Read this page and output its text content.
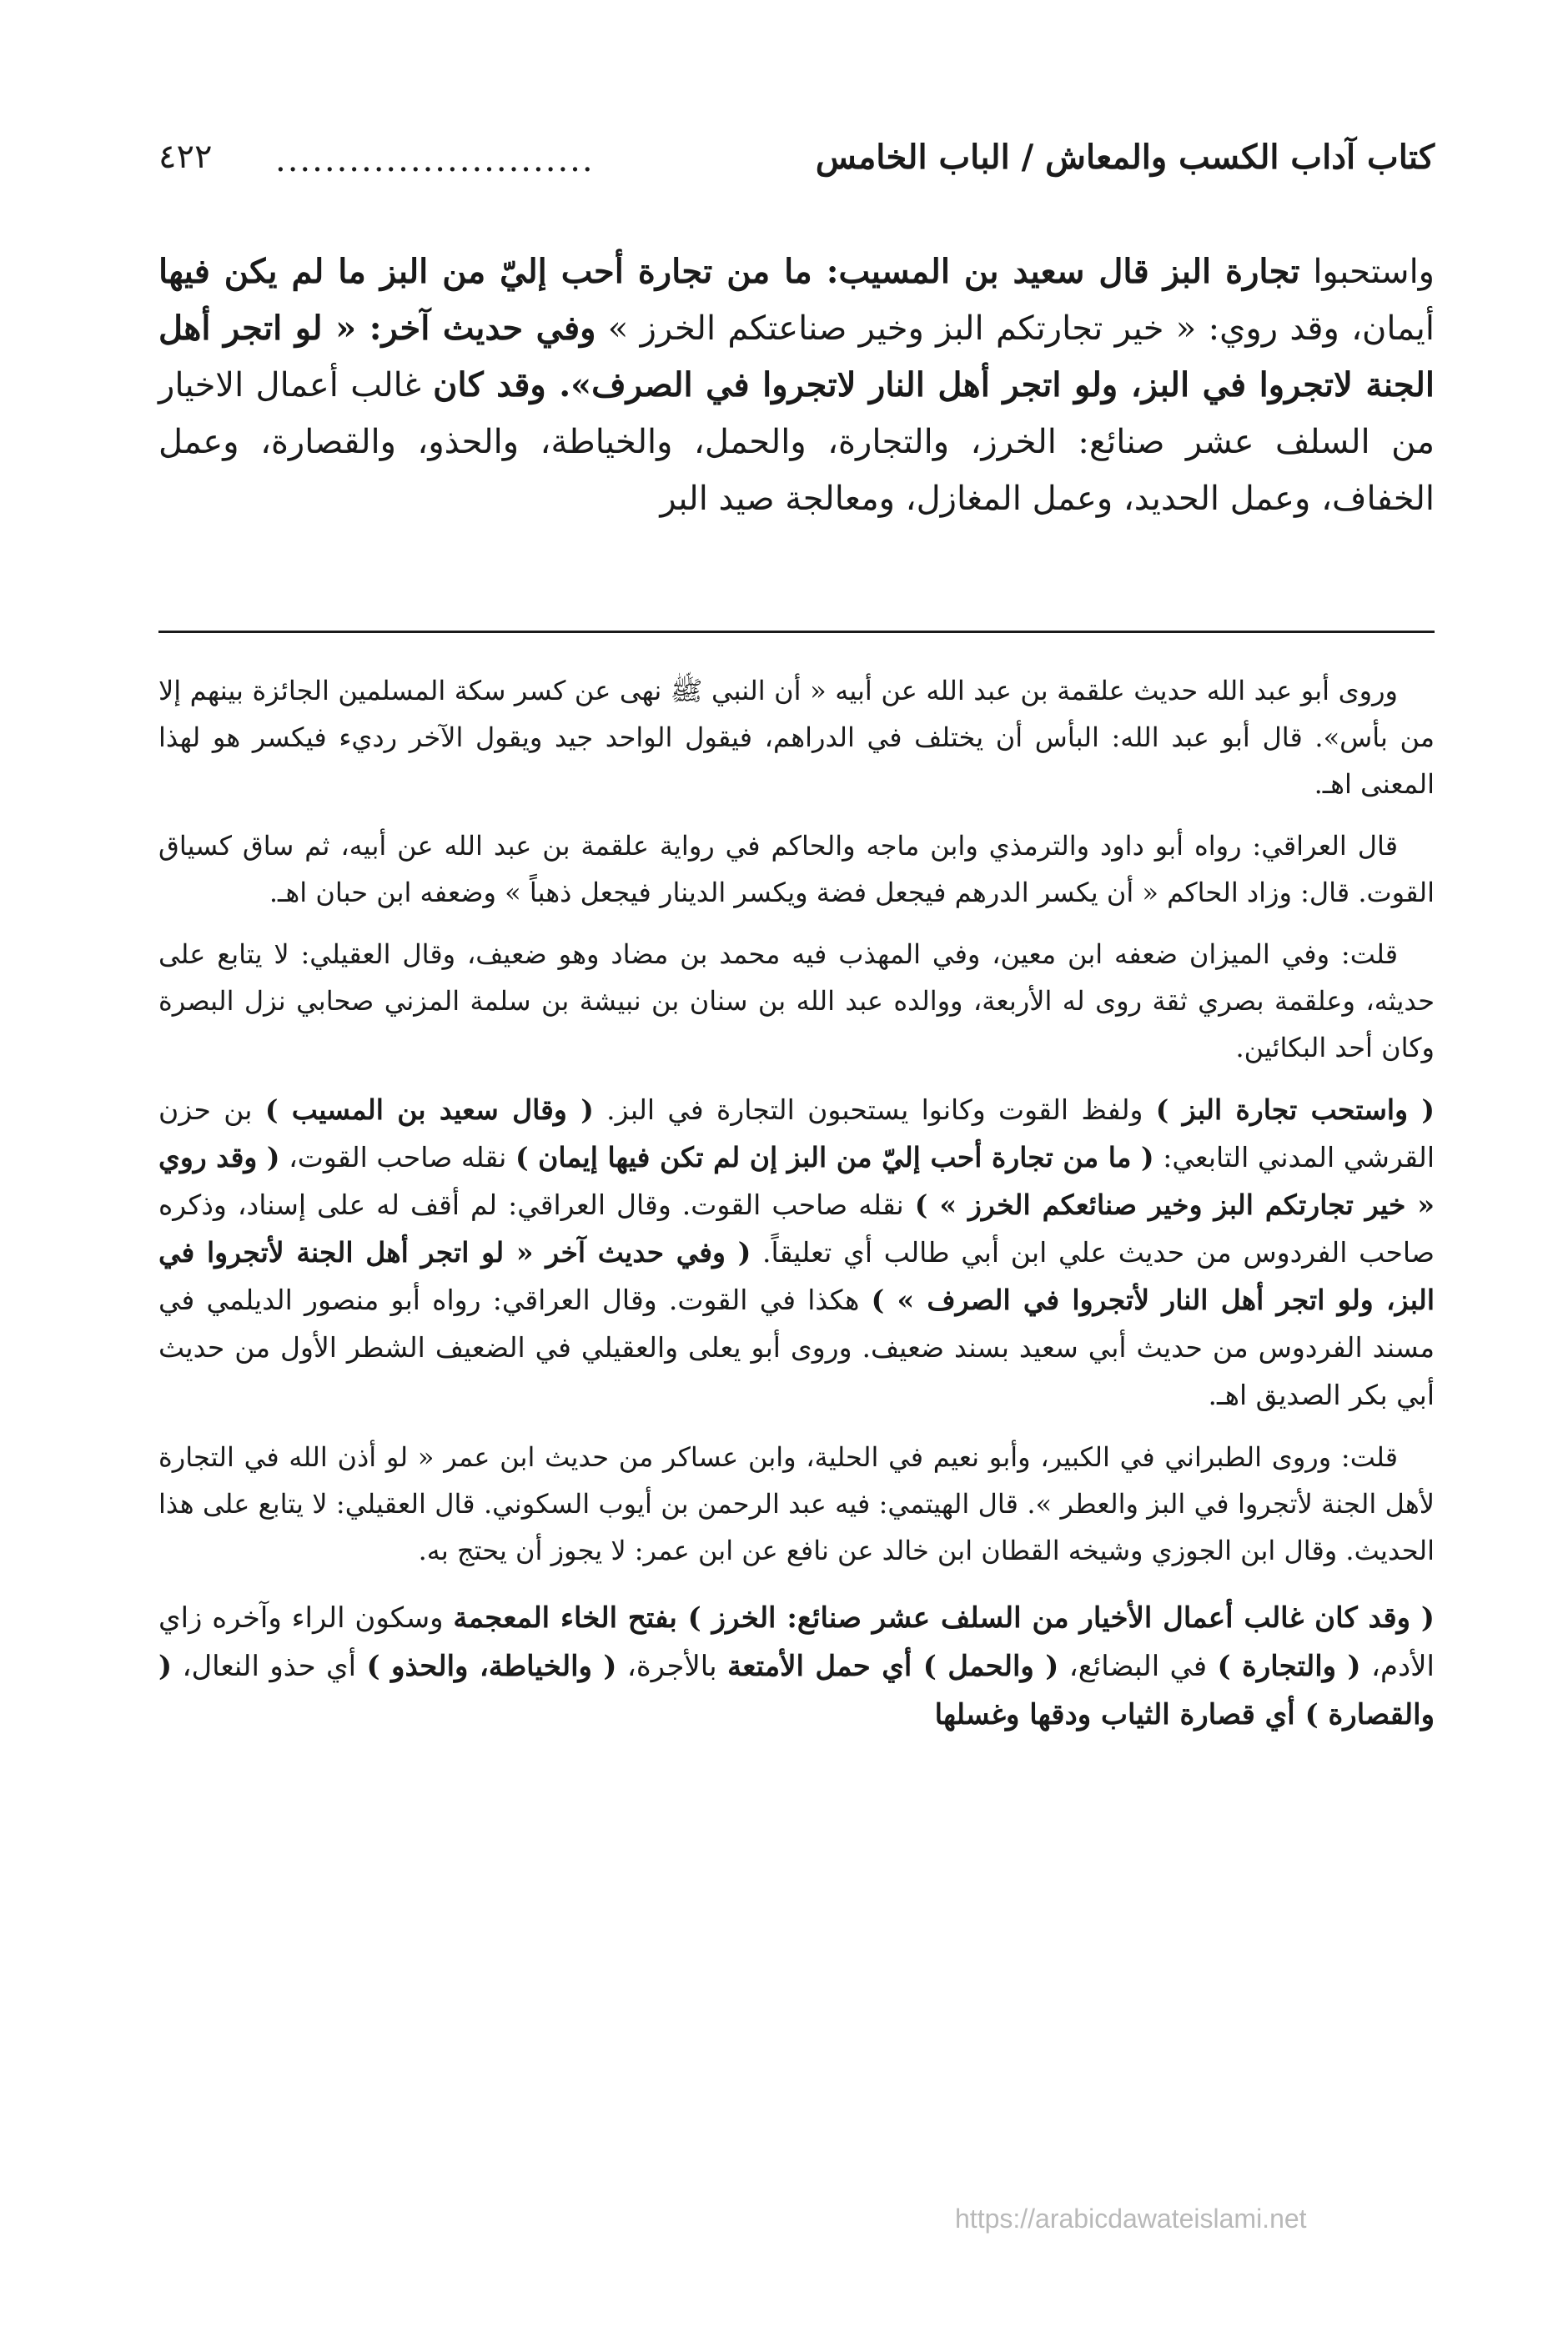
٤٢٢ ..........................	كتاب آداب الكسب والمعاش / الباب الخامس

واستحبوا تجارة البز قال سعيد بن المسيب: ما من تجارة أحب إليّ من البز ما لم يكن فيها أيمان، وقد روي: « خير تجارتكم البز وخير صناعتكم الخرز » وفي حديث آخر: « لو اتجر أهل الجنة لاتجروا في البز، ولو اتجر أهل النار لاتجروا في الصرف». وقد كان غالب أعمال الاخيار من السلف عشر صنائع: الخرز، والتجارة، والحمل، والخياطة، والحذو، والقصارة، وعمل الخفاف، وعمل الحديد، وعمل المغازل، ومعالجة صيد البر

وروى أبو عبد الله حديث علقمة بن عبد الله عن أبيه « أن النبي ﷺ نهى عن كسر سكة المسلمين الجائزة بينهم إلا من بأس». قال أبو عبد الله: البأس أن يختلف في الدراهم، فيقول الواحد جيد ويقول الآخر رديء فيكسر هو لهذا المعنى اهـ.

قال العراقي: رواه أبو داود والترمذي وابن ماجه والحاكم في رواية علقمة بن عبد الله عن أبيه، ثم ساق كسياق القوت. قال: وزاد الحاكم « أن يكسر الدرهم فيجعل فضة ويكسر الدينار فيجعل ذهباً » وضعفه ابن حبان اهـ.

قلت: وفي الميزان ضعفه ابن معين، وفي المهذب فيه محمد بن مضاد وهو ضعيف، وقال العقيلي: لا يتابع على حديثه، وعلقمة بصري ثقة روى له الأربعة، ووالده عبد الله بن سنان بن نبيشة بن سلمة المزني صحابي نزل البصرة وكان أحد البكائين.

( واستحب تجارة البز ) ولفظ القوت وكانوا يستحبون التجارة في البز. ( وقال سعيد بن المسيب ) بن حزن القرشي المدني التابعي: ( ما من تجارة أحب إليّ من البز إن لم تكن فيها إيمان ) نقله صاحب القوت، ( وقد روي « خير تجارتكم البز وخير صنائعكم الخرز » ) نقله صاحب القوت. وقال العراقي: لم أقف له على إسناد، وذكره صاحب الفردوس من حديث علي ابن أبي طالب أي تعليقاً. ( وفي حديث آخر « لو اتجر أهل الجنة لأتجروا في البز، ولو اتجر أهل النار لأتجروا في الصرف » ) هكذا في القوت. وقال العراقي: رواه أبو منصور الديلمي في مسند الفردوس من حديث أبي سعيد بسند ضعيف. وروى أبو يعلى والعقيلي في الضعيف الشطر الأول من حديث أبي بكر الصديق اهـ.

قلت: وروى الطبراني في الكبير، وأبو نعيم في الحلية، وابن عساكر من حديث ابن عمر « لو أذن الله في التجارة لأهل الجنة لأتجروا في البز والعطر ». قال الهيتمي: فيه عبد الرحمن بن أيوب السكوني. قال العقيلي: لا يتابع على هذا الحديث. وقال ابن الجوزي وشيخه القطان ابن خالد عن نافع عن ابن عمر: لا يجوز أن يحتج به.

( وقد كان غالب أعمال الأخيار من السلف عشر صنائع: الخرز ) بفتح الخاء المعجمة وسكون الراء وآخره زاي الأدم، ( والتجارة ) في البضائع، ( والحمل ) أي حمل الأمتعة بالأجرة، ( والخياطة، والحذو ) أي حذو النعال، ( والقصارة ) أي قصارة الثياب ودقها وغسلها

https://arabicdawateislami.net
